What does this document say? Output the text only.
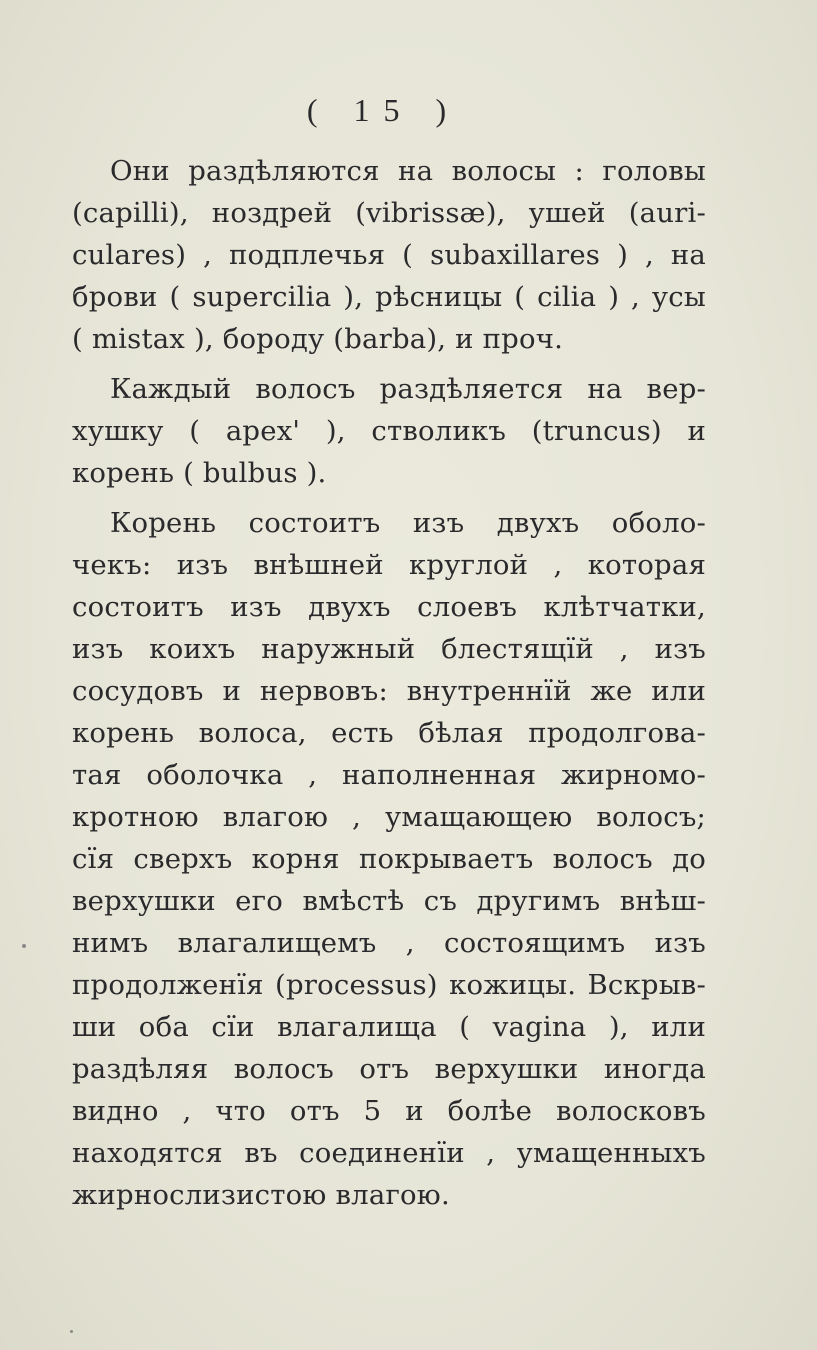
( 15 )
Они раздѣляются на волосы : головы
(capilli), ноздрей (vibrissæ), ушей (auri-
culares) , подплечья ( subaxillares ) , на
брови ( supercilia ), рѣсницы ( cilia ) , усы
( mistax ), бороду (barba), и проч.
Каждый волосъ раздѣляется на вер-
хушку ( apex' ), стволикъ (truncus) и
корень ( bulbus ).
Корень состоитъ изъ двухъ оболо-
чекъ: изъ внѣшней круглой , которая
состоитъ изъ двухъ слоевъ клѣтчатки,
изъ коихъ наружный блестящїй , изъ
сосудовъ и нервовъ: внутреннїй же или
корень волоса, есть бѣлая продолгова-
тая оболочка , наполненная жирномо-
кротною влагою , умащающею волосъ;
сїя сверхъ корня покрываетъ волосъ до
верхушки его вмѣстѣ съ другимъ внѣш-
нимъ влагалищемъ , состоящимъ изъ
продолженїя (processus) кожицы. Вскрыв-
ши оба сїи влагалища ( vagina ), или
раздѣляя волосъ отъ верхушки иногда
видно , что отъ 5 и болѣе волосковъ
находятся въ соединенїи , умащенныхъ
жирнослизистою влагою.
